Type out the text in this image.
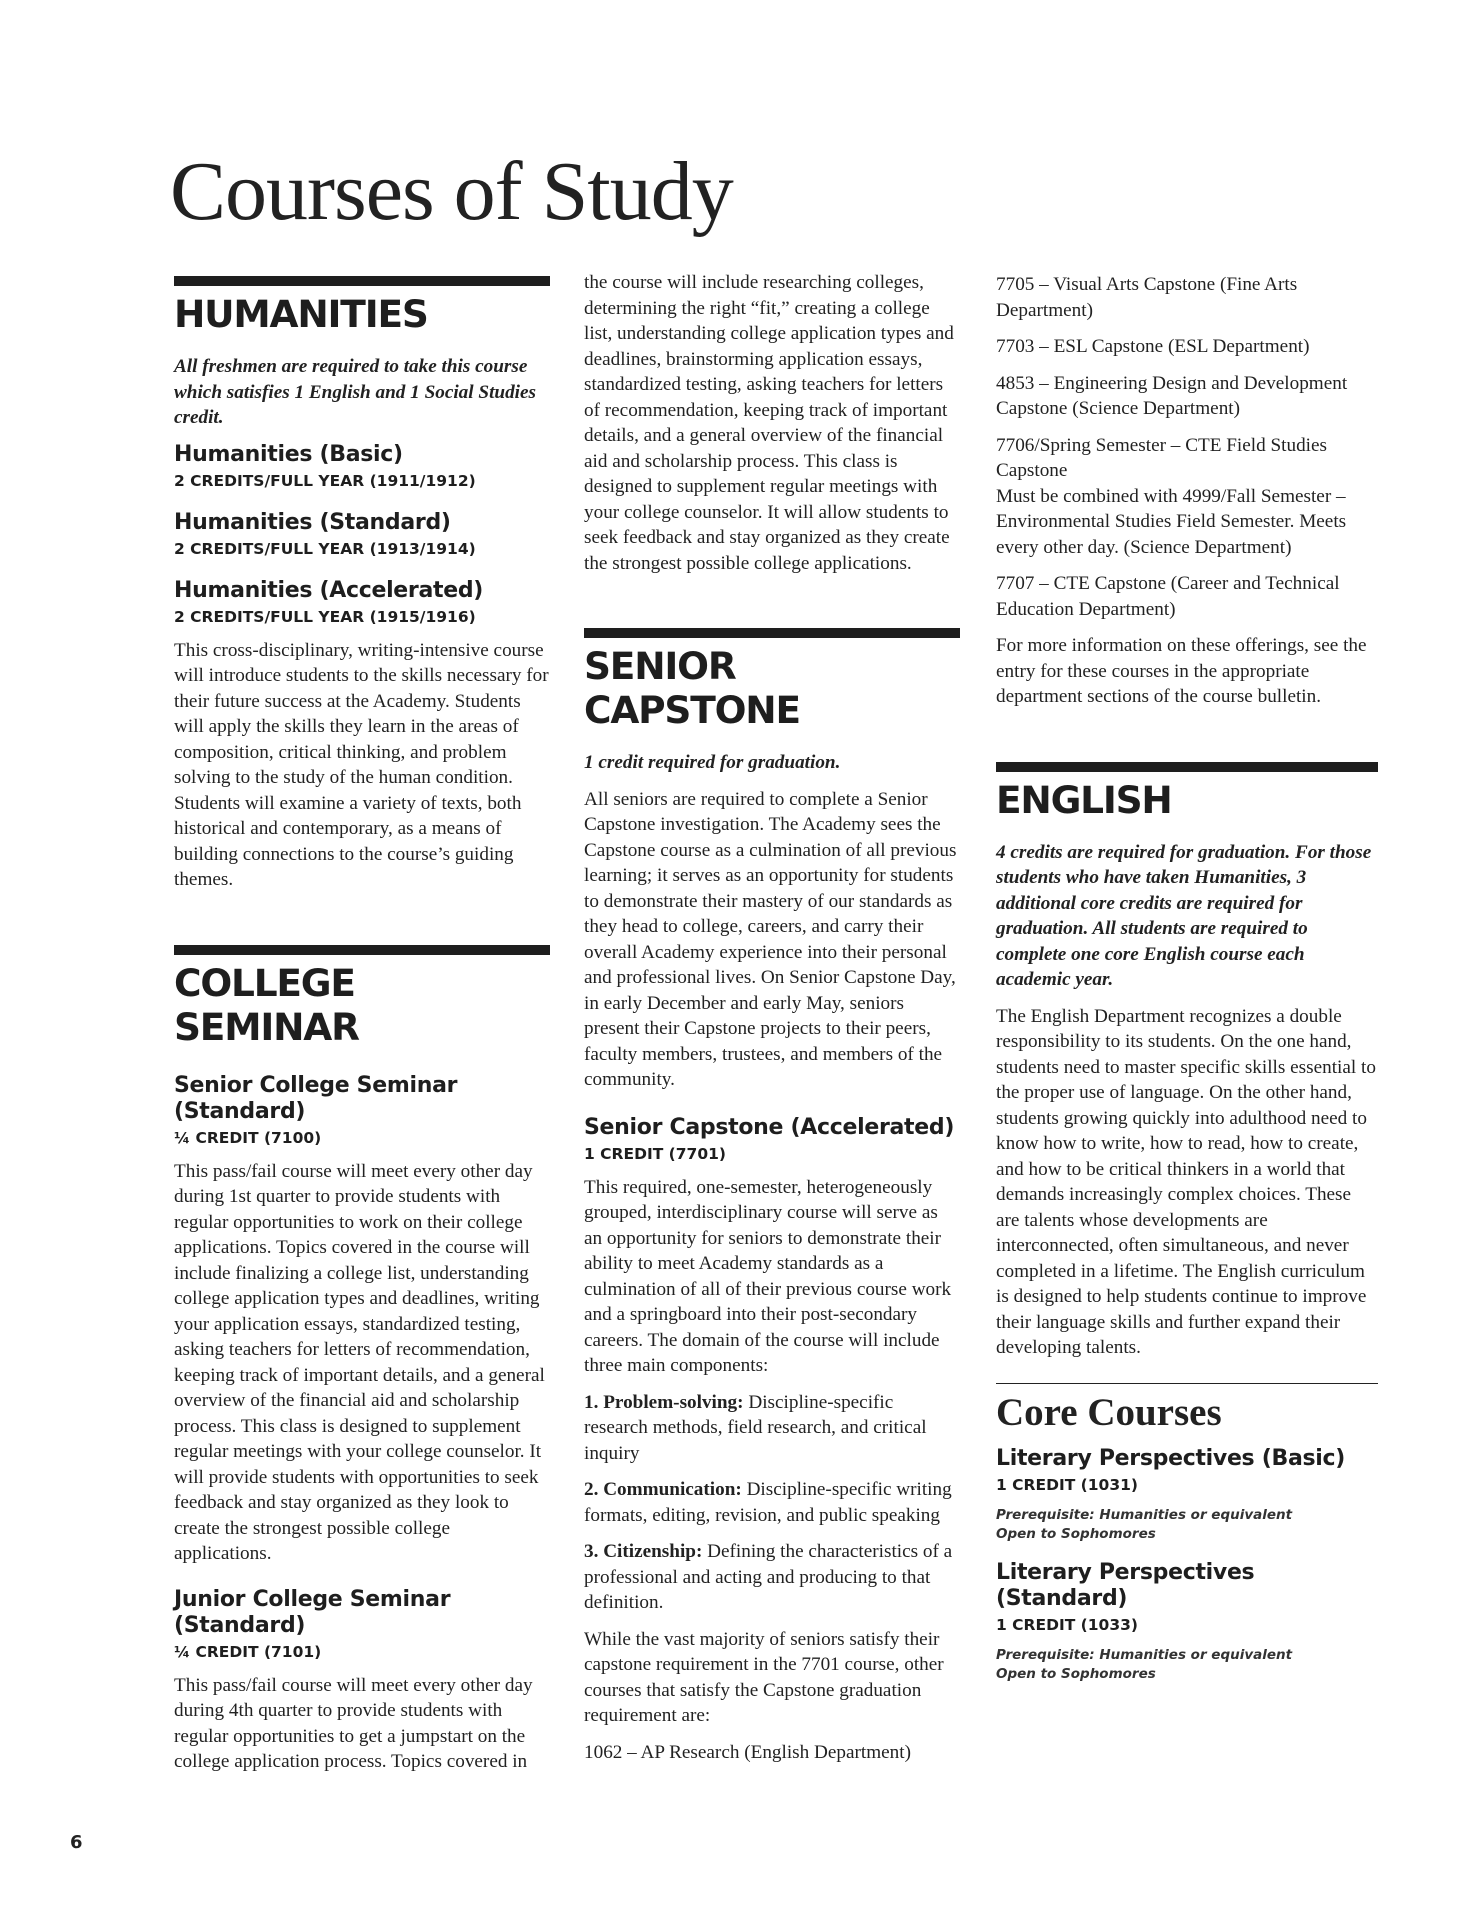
Courses of Study
HUMANITIES

All freshmen are required to take this course which satisfies 1 English and 1 Social Studies credit.

Humanities (Basic)
2 CREDITS/FULL YEAR (1911/1912)
Humanities (Standard)
2 CREDITS/FULL YEAR (1913/1914)
Humanities (Accelerated)
2 CREDITS/FULL YEAR (1915/1916)

This cross-disciplinary, writing-intensive course will introduce students to the skills necessary for their future success at the Academy. Students will apply the skills they learn in the areas of composition, critical thinking, and problem solving to the study of the human condition. Students will examine a variety of texts, both historical and contemporary, as a means of building connections to the course’s guiding themes.

COLLEGE SEMINAR
Senior College Seminar (Standard)
¼ CREDIT (7100)

This pass/fail course will meet every other day during 1st quarter to provide students with regular opportunities to work on their college applications. Topics covered in the course will include finalizing a college list, understanding college application types and deadlines, writing your application essays, standardized testing, asking teachers for letters of recommendation, keeping track of important details, and a general overview of the financial aid and scholarship process. This class is designed to supplement regular meetings with your college counselor. It will provide students with opportunities to seek feedback and stay organized as they look to create the strongest possible college applications.

Junior College Seminar (Standard)
¼ CREDIT (7101)

This pass/fail course will meet every other day during 4th quarter to provide students with regular opportunities to get a jumpstart on the college application process. Topics covered in

the course will include researching colleges, determining the right “fit,” creating a college list, understanding college application types and deadlines, brainstorming application essays, standardized testing, asking teachers for letters of recommendation, keeping track of important details, and a general overview of the financial aid and scholarship process. This class is designed to supplement regular meetings with your college counselor. It will allow students to seek feedback and stay organized as they create the strongest possible college applications.

SENIOR CAPSTONE

1 credit required for graduation.

All seniors are required to complete a Senior Capstone investigation. The Academy sees the Capstone course as a culmination of all previous learning; it serves as an opportunity for students to demonstrate their mastery of our standards as they head to college, careers, and carry their overall Academy experience into their personal and professional lives. On Senior Capstone Day, in early December and early May, seniors present their Capstone projects to their peers, faculty members, trustees, and members of the community.

Senior Capstone (Accelerated)
1 CREDIT (7701)

This required, one-semester, heterogeneously grouped, interdisciplinary course will serve as an opportunity for seniors to demonstrate their ability to meet Academy standards as a culmination of all of their previous course work and a springboard into their post-secondary careers. The domain of the course will include three main components:

1. Problem-solving: Discipline-specific research methods, field research, and critical inquiry

2. Communication: Discipline-specific writing formats, editing, revision, and public speaking

3. Citizenship: Defining the characteristics of a professional and acting and producing to that definition.

While the vast majority of seniors satisfy their capstone requirement in the 7701 course, other courses that satisfy the Capstone graduation requirement are:

1062 – AP Research (English Department)

7705 – Visual Arts Capstone (Fine Arts Department)
7703 – ESL Capstone (ESL Department)
4853 – Engineering Design and Development Capstone (Science Department)
7706/Spring Semester – CTE Field Studies Capstone
Must be combined with 4999/Fall Semester – Environmental Studies Field Semester. Meets every other day. (Science Department)
7707 – CTE Capstone (Career and Technical Education Department)

For more information on these offerings, see the entry for these courses in the appropriate department sections of the course bulletin.

ENGLISH

4 credits are required for graduation. For those students who have taken Humanities, 3 additional core credits are required for graduation. All students are required to complete one core English course each academic year.

The English Department recognizes a double responsibility to its students. On the one hand, students need to master specific skills essential to the proper use of language. On the other hand, students growing quickly into adulthood need to know how to write, how to read, how to create, and how to be critical thinkers in a world that demands increasingly complex choices. These are talents whose developments are interconnected, often simultaneous, and never completed in a lifetime. The English curriculum is designed to help students continue to improve their language skills and further expand their developing talents.

Core Courses
Literary Perspectives (Basic)
1 CREDIT (1031)
Prerequisite: Humanities or equivalent
Open to Sophomores
Literary Perspectives (Standard)
1 CREDIT (1033)
Prerequisite: Humanities or equivalent
Open to Sophomores
6
